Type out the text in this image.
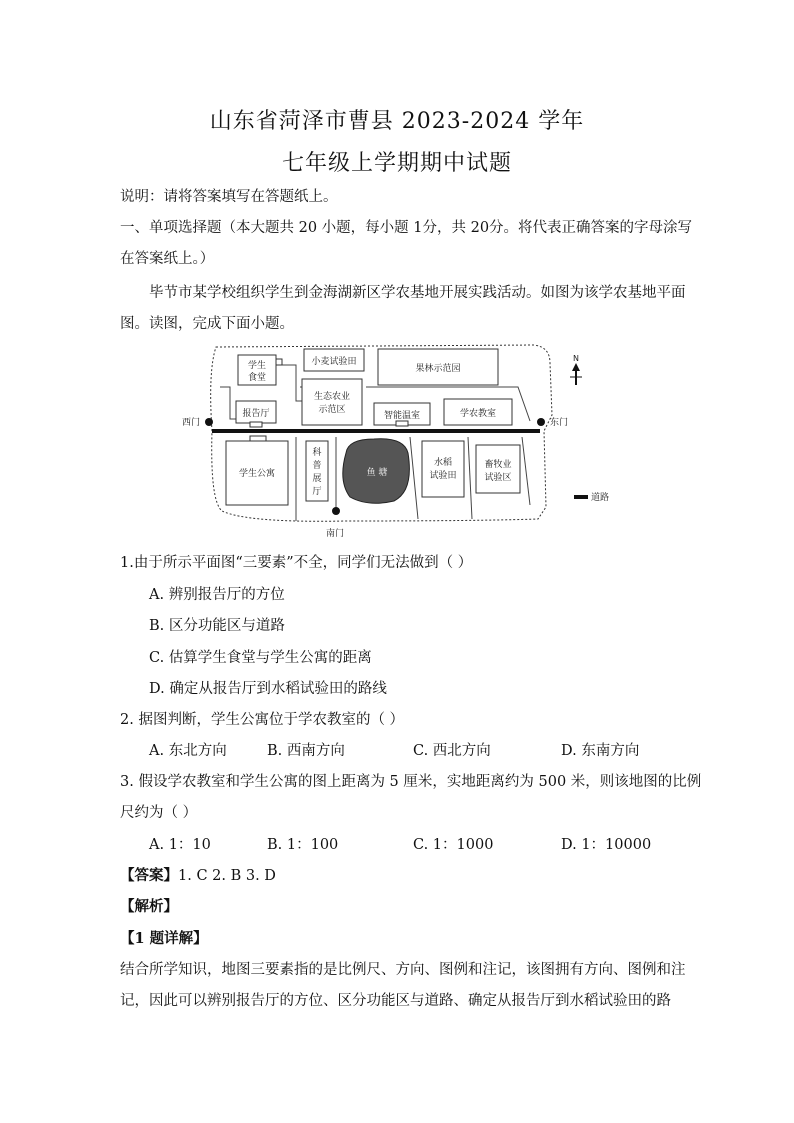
山东省菏泽市曹县 2023-2024 学年
七年级上学期期中试题
说明：请将答案填写在答题纸上。
一、单项选择题（本大题共 20 小题，每小题 1分，共 20分。将代表正确答案的字母涂写
在答案纸上。）
毕节市某学校组织学生到金海湖新区学农基地开展实践活动。如图为该学农基地平面
图。读图，完成下面小题。
西门	东门
南门
学生
食堂
小麦试验田
果林示范园
生态农业
示范区
报告厅	智能温室	学农教室
学生公寓
科
普
展
厅
鱼 塘
水稻
试验田
畜牧业
试验区
N
道路
1.由于所示平面图“三要素”不全，同学们无法做到（ ）
A. 辨别报告厅的方位
B. 区分功能区与道路
C. 估算学生食堂与学生公寓的距离
D. 确定从报告厅到水稻试验田的路线
2. 据图判断，学生公寓位于学农教室的（ ）
A. 东北方向	B. 西南方向	C. 西北方向	D. 东南方向
3. 假设学农教室和学生公寓的图上距离为 5 厘米，实地距离约为 500 米，则该地图的比例
尺约为（ ）
A. 1：10	B. 1：100	C. 1：1000	D. 1：10000
【答案】1. C 2. B 3. D
【解析】
【1 题详解】
结合所学知识，地图三要素指的是比例尺、方向、图例和注记，该图拥有方向、图例和注
记，因此可以辨别报告厅的方位、区分功能区与道路、确定从报告厅到水稻试验田的路
